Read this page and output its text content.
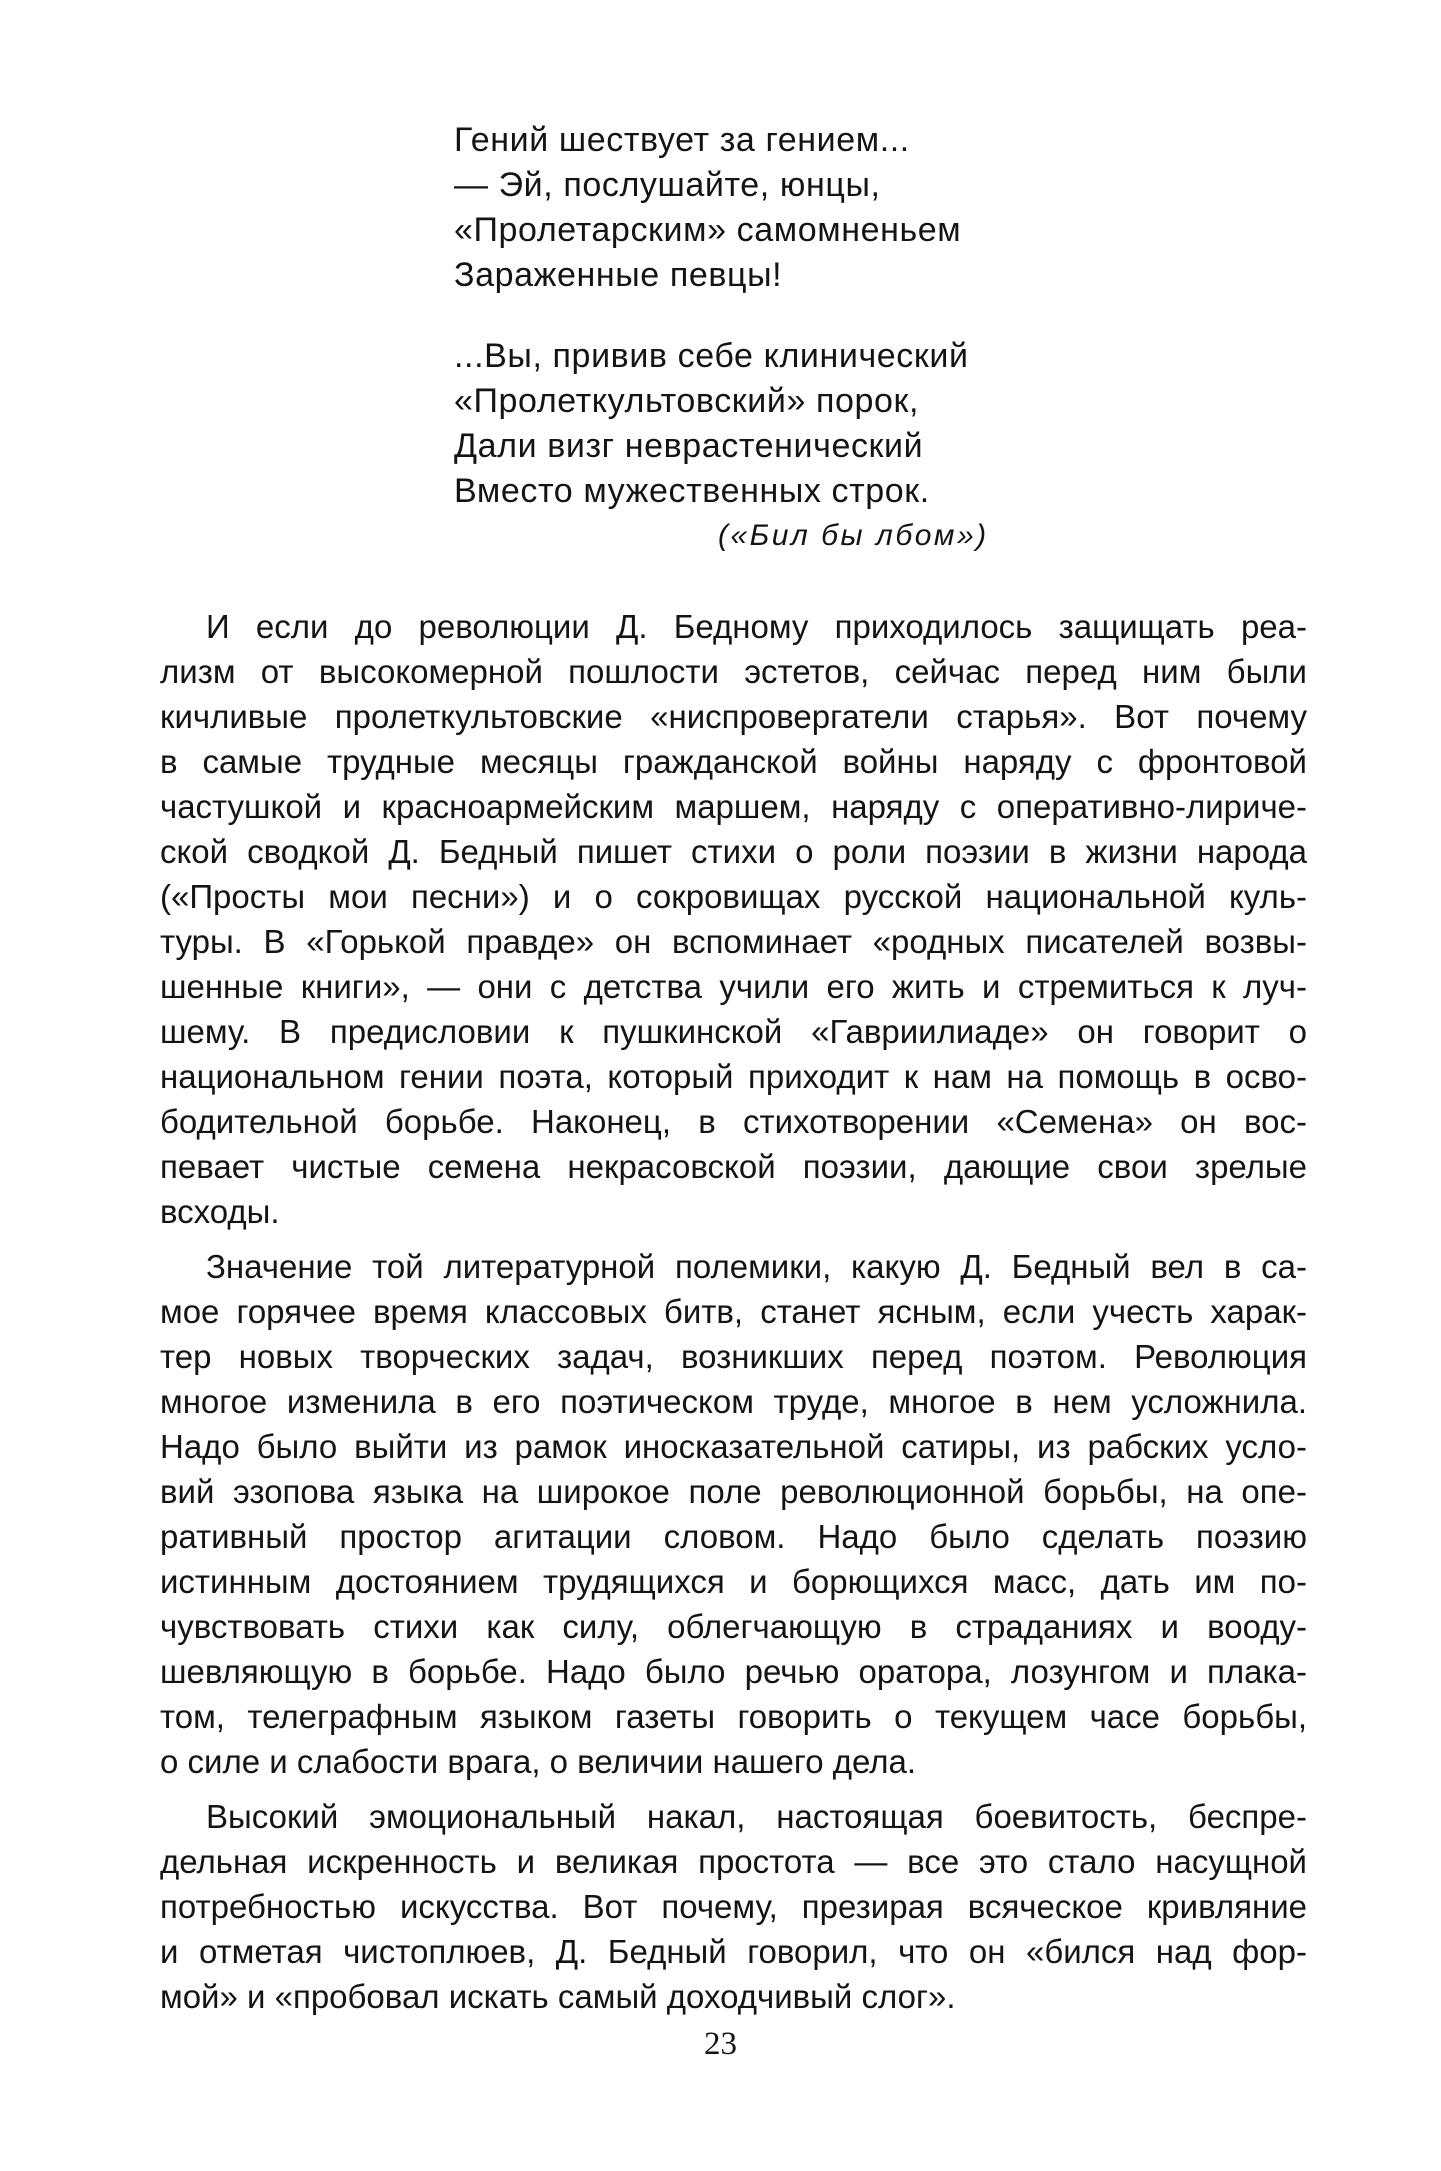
Гений шествует за гением...
— Эй, послушайте, юнцы,
«Пролетарским» самомненьем
Зараженные певцы!
...Вы, привив себе клинический
«Пролеткультовский» порок,
Дали визг неврастенический
Вместо мужественных строк.
(«Бил бы лбом»)
И если до революции Д. Бедному приходилось защищать реа-
лизм от высокомерной пошлости эстетов, сейчас перед ним были
кичливые пролеткультовские «ниспровергатели старья». Вот почему
в самые трудные месяцы гражданской войны наряду с фронтовой
частушкой и красноармейским маршем, наряду с оперативно-лириче-
ской сводкой Д. Бедный пишет стихи о роли поэзии в жизни народа
(«Просты мои песни») и о сокровищах русской национальной куль-
туры. В «Горькой правде» он вспоминает «родных писателей возвы-
шенные книги», — они с детства учили его жить и стремиться к луч-
шему. В предисловии к пушкинской «Гавриилиаде» он говорит о
национальном гении поэта, который приходит к нам на помощь в осво-
бодительной борьбе. Наконец, в стихотворении «Семена» он вос-
певает чистые семена некрасовской поэзии, дающие свои зрелые
всходы.
Значение той литературной полемики, какую Д. Бедный вел в са-
мое горячее время классовых битв, станет ясным, если учесть харак-
тер новых творческих задач, возникших перед поэтом. Революция
многое изменила в его поэтическом труде, многое в нем усложнила.
Надо было выйти из рамок иносказательной сатиры, из рабских усло-
вий эзопова языка на широкое поле революционной борьбы, на опе-
ративный простор агитации словом. Надо было сделать поэзию
истинным достоянием трудящихся и борющихся масс, дать им по-
чувствовать стихи как силу, облегчающую в страданиях и вооду-
шевляющую в борьбе. Надо было речью оратора, лозунгом и плака-
том, телеграфным языком газеты говорить о текущем часе борьбы,
о силе и слабости врага, о величии нашего дела.
Высокий эмоциональный накал, настоящая боевитость, беспре-
дельная искренность и великая простота — все это стало насущной
потребностью искусства. Вот почему, презирая всяческое кривляние
и отметая чистоплюев, Д. Бедный говорил, что он «бился над фор-
мой» и «пробовал искать самый доходчивый слог».
23
